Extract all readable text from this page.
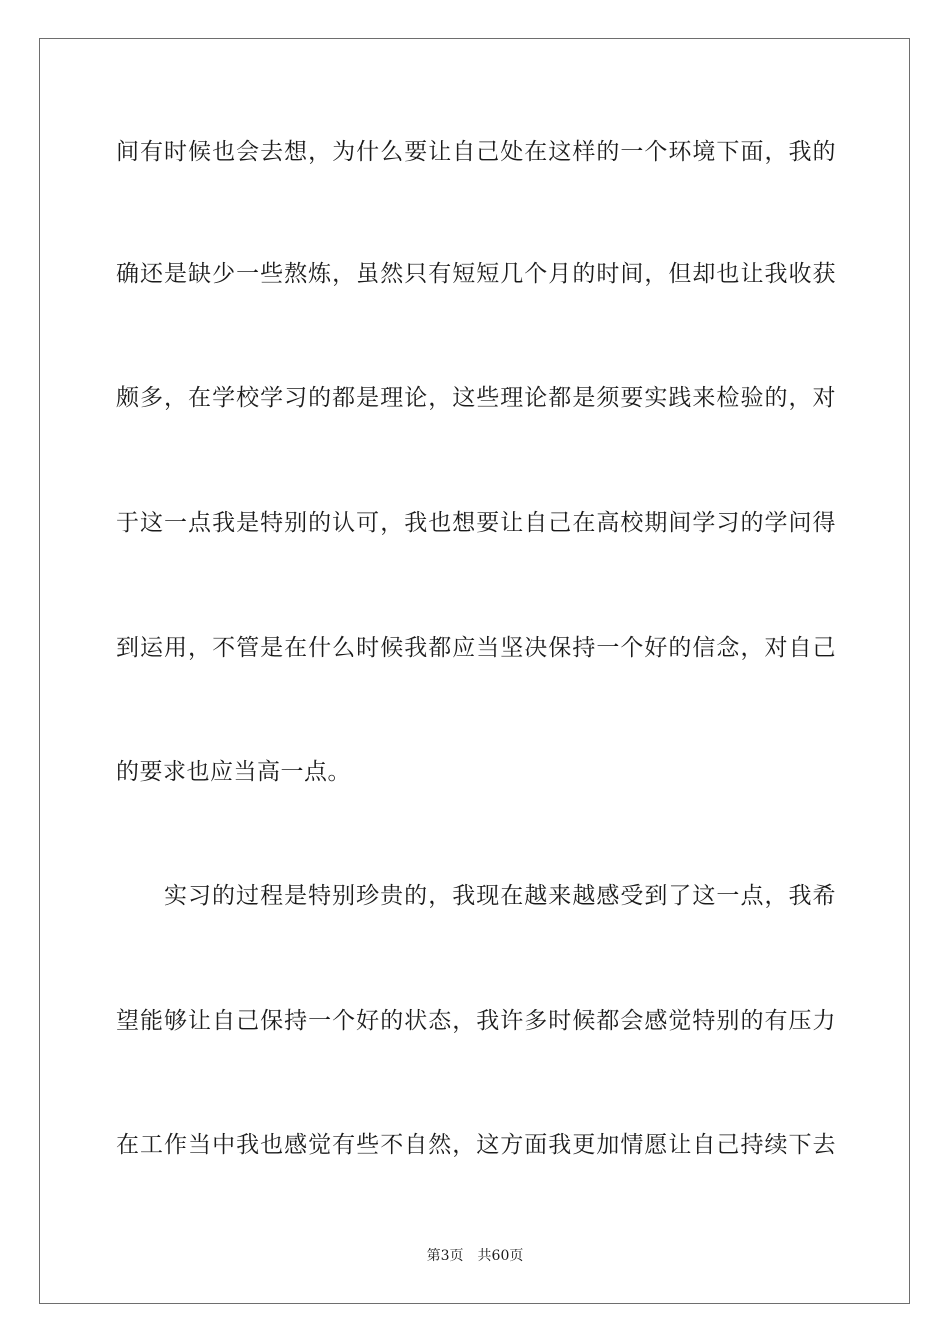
间有时候也会去想，为什么要让自己处在这样的一个环境下面，我的
确还是缺少一些熬炼，虽然只有短短几个月的时间，但却也让我收获
颇多，在学校学习的都是理论，这些理论都是须要实践来检验的，对
于这一点我是特别的认可，我也想要让自己在高校期间学习的学问得
到运用，不管是在什么时候我都应当坚决保持一个好的信念，对自己
的要求也应当高一点。
实习的过程是特别珍贵的，我现在越来越感受到了这一点，我希
望能够让自己保持一个好的状态，我许多时候都会感觉特别的有压力
在工作当中我也感觉有些不自然，这方面我更加情愿让自己持续下去
第3页 共60页
